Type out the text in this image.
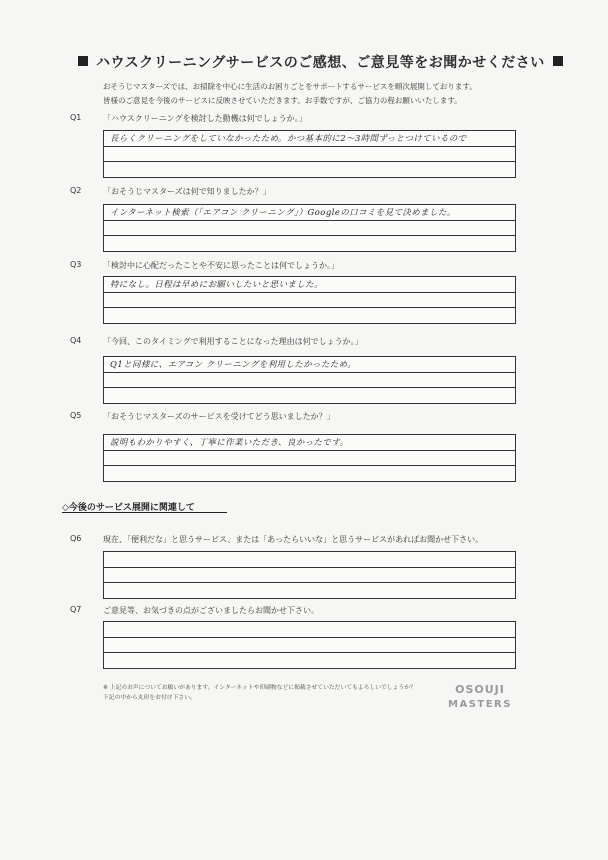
ハウスクリーニングサービスのご感想、ご意見等をお聞かせください
おそうじマスターズでは、お掃除を中心に生活のお困りごとをサポートするサービスを順次展開しております。
皆様のご意見を今後のサービスに反映させていただきます。お手数ですが、ご協力の程お願いいたします。
Q1	「ハウスクリーニングを検討した動機は何でしょうか。」
長らくクリーニングをしていなかったため。かつ基本的に2～3時間ずっとつけているので
Q2	「おそうじマスターズは何で知りましたか？」
インターネット検索（「エアコン クリーニング」）Googleの口コミを見て決めました。
Q3	「検討中に心配だったことや不安に思ったことは何でしょうか。」
特になし。日程は早めにお願いしたいと思いました。
Q4	「今回、このタイミングで利用することになった理由は何でしょうか。」
Q1と同様に、エアコン クリーニングを利用したかったため。
Q5	「おそうじマスターズのサービスを受けてどう思いましたか？」
説明もわかりやすく、丁寧に作業いただき、良かったです。
◇今後のサービス展開に関連して
Q6	現在、「便利だな」と思うサービス、または「あったらいいな」と思うサービスがあればお聞かせ下さい。
Q7	ご意見等、お気づきの点がございましたらお聞かせ下さい。
※ 上記のお声についてお願いがあります。インターネットや印刷物などに掲載させていただいてもよろしいでしょうか？
下記の中から丸印をお付け下さい。
OSOUJI
MASTERS
